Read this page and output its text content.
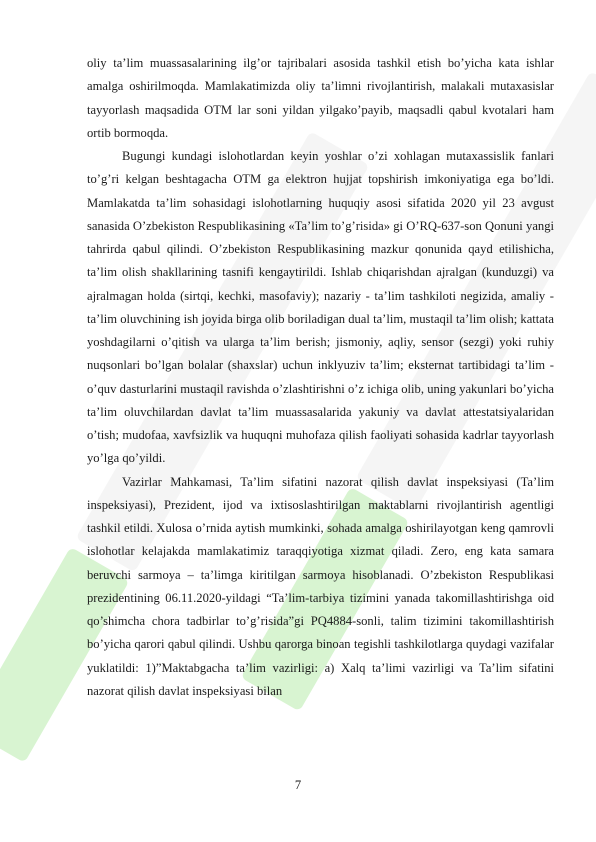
oliy ta’lim muassasalarining ilg’or tajribalari asosida tashkil etish bo’yicha kata ishlar amalga oshirilmoqda. Mamlakatimizda oliy ta’limni rivojlantirish, malakali mutaxasislar tayyorlash maqsadida OTM lar soni yildan yilgako’payib, maqsadli qabul kvotalari ham ortib bormoqda.

Bugungi kundagi islohotlardan keyin yoshlar o’zi xohlagan mutaxassislik fanlari to’g’ri kelgan beshtagacha OTM ga elektron hujjat topshirish imkoniyatiga ega bo’ldi. Mamlakatda ta’lim sohasidagi islohotlarning huquqiy asosi sifatida 2020 yil 23 avgust sanasida O’zbekiston Respublikasining «Ta’lim to’g’risida» gi O’RQ-637-son Qonuni yangi tahrirda qabul qilindi. O’zbekiston Respublikasining mazkur qonunida qayd etilishicha, ta’lim olish shakllarining tasnifi kengaytirildi. Ishlab chiqarishdan ajralgan (kunduzgi) va ajralmagan holda (sirtqi, kechki, masofaviy); nazariy - ta’lim tashkiloti negizida, amaliy - ta’lim oluvchining ish joyida birga olib boriladigan dual ta’lim, mustaqil ta’lim olish; kattata yoshdagilarni o’qitish va ularga ta’lim berish; jismoniy, aqliy, sensor (sezgi) yoki ruhiy nuqsonlari bo’lgan bolalar (shaxslar) uchun inklyuziv ta’lim; eksternat tartibidagi ta’lim - o’quv dasturlarini mustaqil ravishda o’zlashtirishni o’z ichiga olib, uning yakunlari bo’yicha ta’lim oluvchilardan davlat ta’lim muassasalarida yakuniy va davlat attestatsiyalaridan o’tish; mudofaa, xavfsizlik va huquqni muhofaza qilish faoliyati sohasida kadrlar tayyorlash yo’lga qo’yildi.

Vazirlar Mahkamasi, Ta’lim sifatini nazorat qilish davlat inspeksiyasi (Ta’lim inspeksiyasi), Prezident, ijod va ixtisoslashtirilgan maktablarni rivojlantirish agentligi tashkil etildi. Xulosa o’rnida aytish mumkinki, sohada amalga oshirilayotgan keng qamrovli islohotlar kelajakda mamlakatimiz taraqqiyotiga xizmat qiladi. Zero, eng kata samara beruvchi sarmoya – ta’limga kiritilgan sarmoya hisoblanadi. O’zbekiston Respublikasi prezidentining 06.11.2020-yildagi “Ta’lim-tarbiya tizimini yanada takomillashtirishga oid qo’shimcha chora tadbirlar to’g’risida”gi PQ4884-sonli, talim tizimini takomillashtirish bo’yicha qarori qabul qilindi. Ushbu qarorga binoan tegishli tashkilotlarga quydagi vazifalar yuklatildi: 1)”Maktabgacha ta’lim vazirligi: a) Xalq ta’limi vazirligi va Ta’lim sifatini nazorat qilish davlat inspeksiyasi bilan

7
